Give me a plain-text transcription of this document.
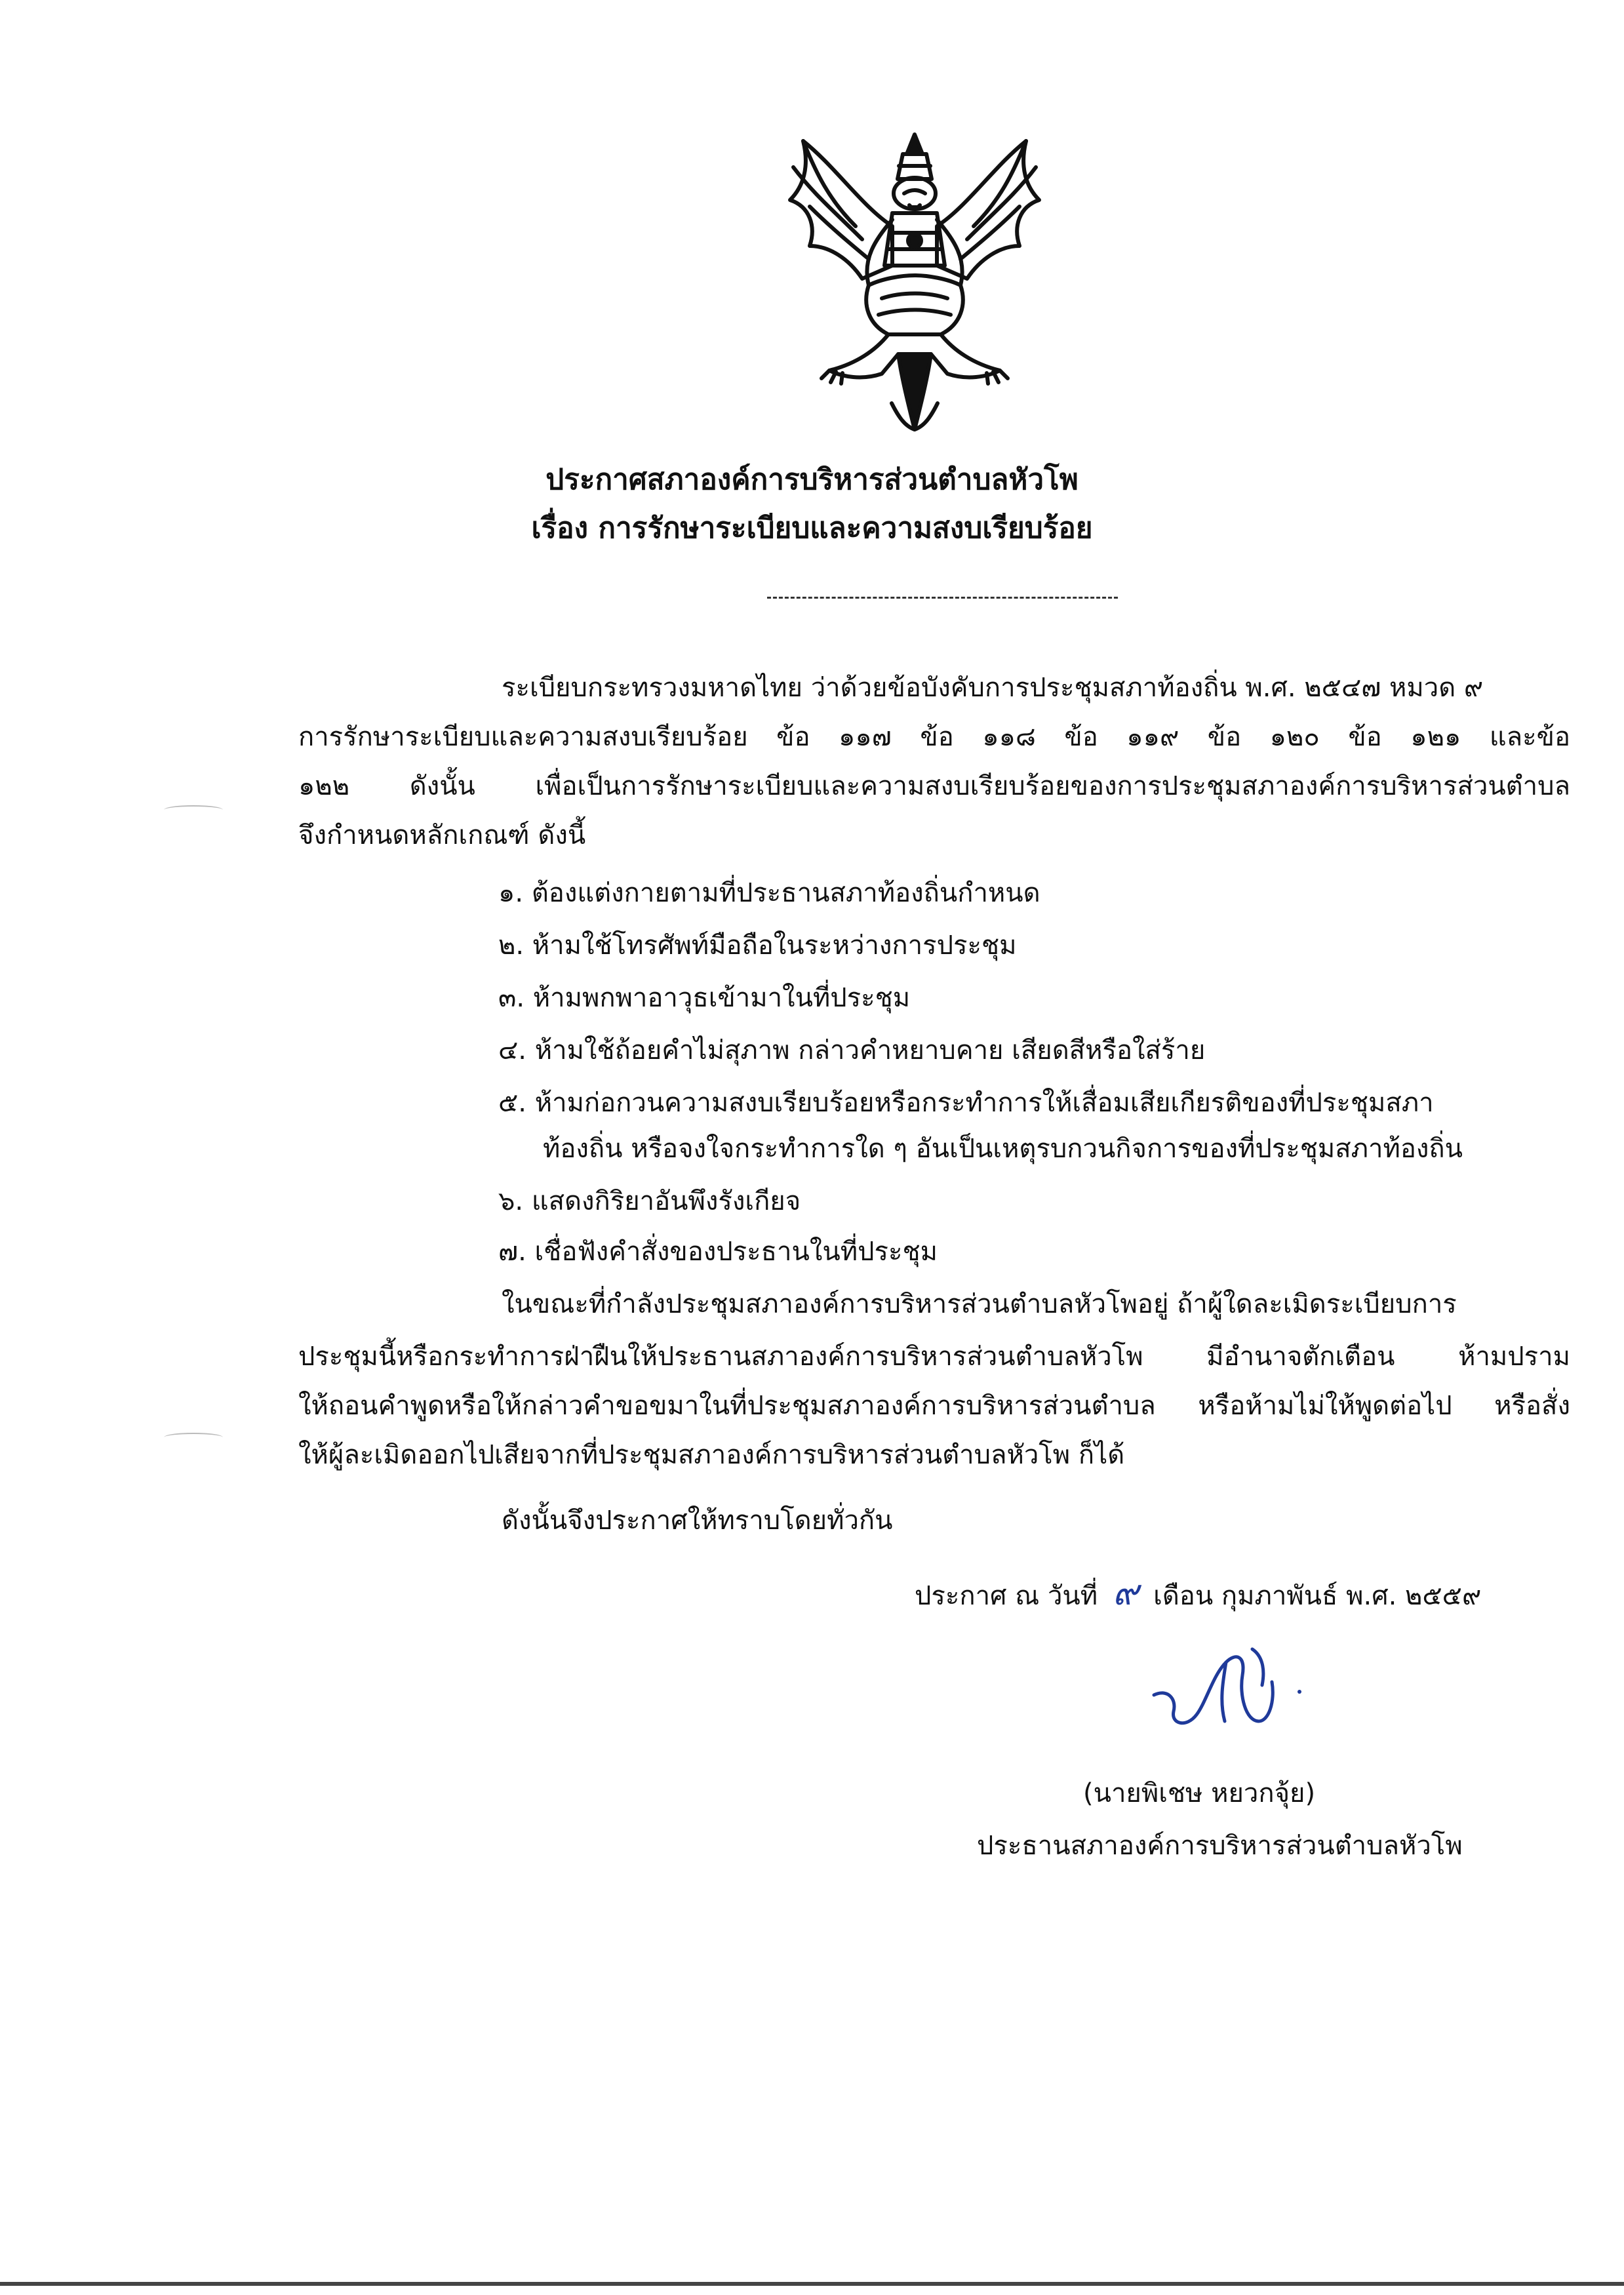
ประกาศสภาองค์การบริหารส่วนตำบลหัวโพ
เรื่อง การรักษาระเบียบและความสงบเรียบร้อย
ระเบียบกระทรวงมหาดไทย ว่าด้วยข้อบังคับการประชุมสภาท้องถิ่น พ.ศ. ๒๕๔๗ หมวด ๙
การรักษาระเบียบและความสงบเรียบร้อย ข้อ ๑๑๗ ข้อ ๑๑๘ ข้อ ๑๑๙ ข้อ ๑๒๐ ข้อ ๑๒๑ และข้อ
๑๒๒ ดังนั้น เพื่อเป็นการรักษาระเบียบและความสงบเรียบร้อยของการประชุมสภาองค์การบริหารส่วนตำบล
จึงกำหนดหลักเกณฑ์ ดังนี้
๑. ต้องแต่งกายตามที่ประธานสภาท้องถิ่นกำหนด
๒. ห้ามใช้โทรศัพท์มือถือในระหว่างการประชุม
๓. ห้ามพกพาอาวุธเข้ามาในที่ประชุม
๔. ห้ามใช้ถ้อยคำไม่สุภาพ กล่าวคำหยาบคาย เสียดสีหรือใส่ร้าย
๕. ห้ามก่อกวนความสงบเรียบร้อยหรือกระทำการให้เสื่อมเสียเกียรติของที่ประชุมสภา
ท้องถิ่น หรือจงใจกระทำการใด ๆ อันเป็นเหตุรบกวนกิจการของที่ประชุมสภาท้องถิ่น
๖. แสดงกิริยาอันพึงรังเกียจ
๗. เชื่อฟังคำสั่งของประธานในที่ประชุม
ในขณะที่กำลังประชุมสภาองค์การบริหารส่วนตำบลหัวโพอยู่ ถ้าผู้ใดละเมิดระเบียบการ
ประชุมนี้หรือกระทำการฝ่าฝืนให้ประธานสภาองค์การบริหารส่วนตำบลหัวโพ มีอำนาจตักเตือน ห้ามปราม
ให้ถอนคำพูดหรือให้กล่าวคำขอขมาในที่ประชุมสภาองค์การบริหารส่วนตำบล หรือห้ามไม่ให้พูดต่อไป หรือสั่ง
ให้ผู้ละเมิดออกไปเสียจากที่ประชุมสภาองค์การบริหารส่วนตำบลหัวโพ ก็ได้
ดังนั้นจึงประกาศให้ทราบโดยทั่วกัน
ประกาศ ณ วันที่ ๙ เดือน กุมภาพันธ์ พ.ศ. ๒๕๕๙
(นายพิเชษ หยวกจุ้ย)
ประธานสภาองค์การบริหารส่วนตำบลหัวโพ
